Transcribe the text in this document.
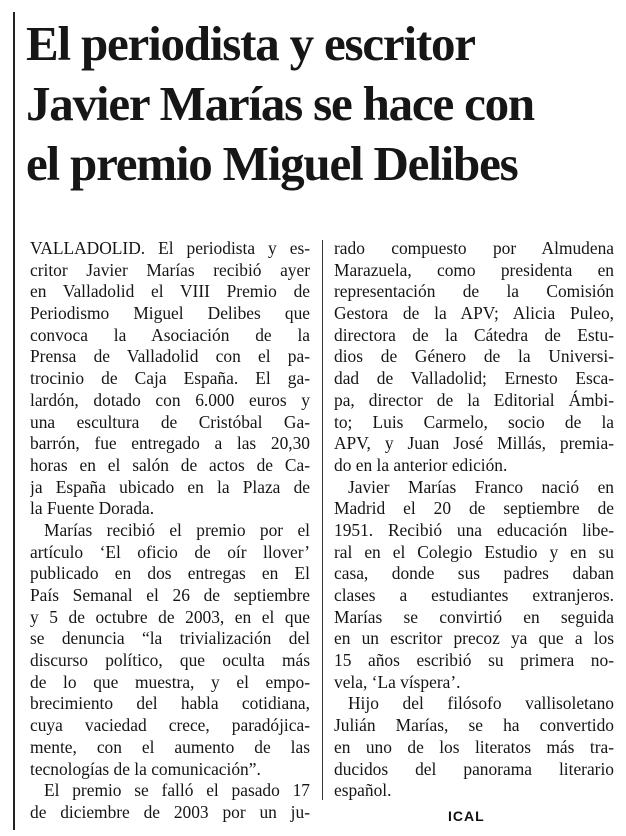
El periodista y escritor
Javier Marías se hace con
el premio Miguel Delibes
VALLADOLID. El periodista y es-
critor Javier Marías recibió ayer
en Valladolid el VIII Premio de
Periodismo Miguel Delibes que
convoca la Asociación de la
Prensa de Valladolid con el pa-
trocinio de Caja España. El ga-
lardón, dotado con 6.000 euros y
una escultura de Cristóbal Ga-
barrón, fue entregado a las 20,30
horas en el salón de actos de Ca-
ja España ubicado en la Plaza de
la Fuente Dorada.
Marías recibió el premio por el
artículo ‘El oficio de oír llover’
publicado en dos entregas en El
País Semanal el 26 de septiembre
y 5 de octubre de 2003, en el que
se denuncia “la trivialización del
discurso político, que oculta más
de lo que muestra, y el empo-
brecimiento del habla cotidiana,
cuya vaciedad crece, paradójica-
mente, con el aumento de las
tecnologías de la comunicación”.
El premio se falló el pasado 17
de diciembre de 2003 por un ju-
rado compuesto por Almudena
Marazuela, como presidenta en
representación de la Comisión
Gestora de la APV; Alicia Puleo,
directora de la Cátedra de Estu-
dios de Género de la Universi-
dad de Valladolid; Ernesto Esca-
pa, director de la Editorial Ámbi-
to; Luis Carmelo, socio de la
APV, y Juan José Millás, premia-
do en la anterior edición.
Javier Marías Franco nació en
Madrid el 20 de septiembre de
1951. Recibió una educación libe-
ral en el Colegio Estudio y en su
casa, donde sus padres daban
clases a estudiantes extranjeros.
Marías se convirtió en seguida
en un escritor precoz ya que a los
15 años escribió su primera no-
vela, ‘La víspera’.
Hijo del filósofo vallisoletano
Julián Marías, se ha convertido
en uno de los literatos más tra-
ducidos del panorama literario
español.
ICAL
